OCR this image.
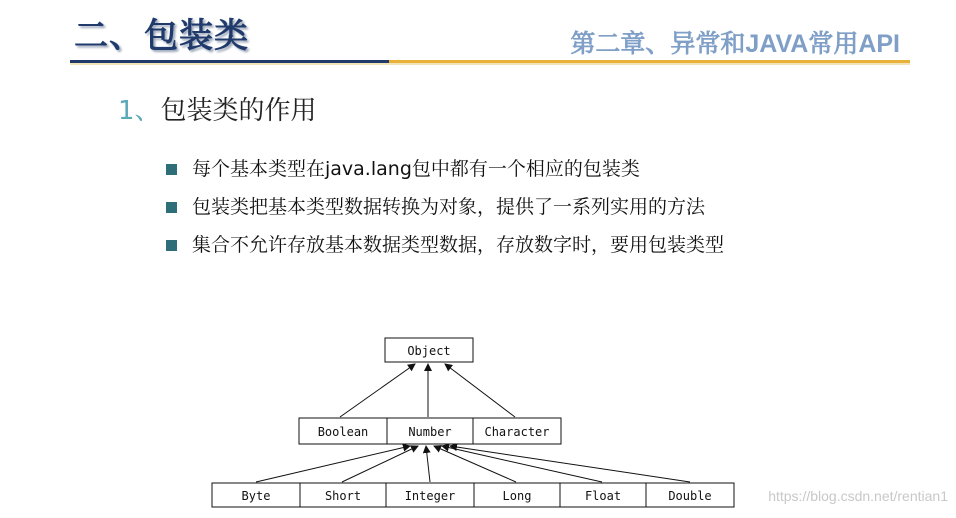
二、包装类	第二章、异常和JAVA常用API
1、包装类的作用
每个基本类型在java.lang包中都有一个相应的包装类
包装类把基本类型数据转换为对象，提供了一系列实用的方法
集合不允许存放基本数据类型数据，存放数字时，要用包装类型
Object
Boolean	Number	Character
Byte	Short	Integer	Long	Float	Double	https://blog.csdn.net/rentian1
